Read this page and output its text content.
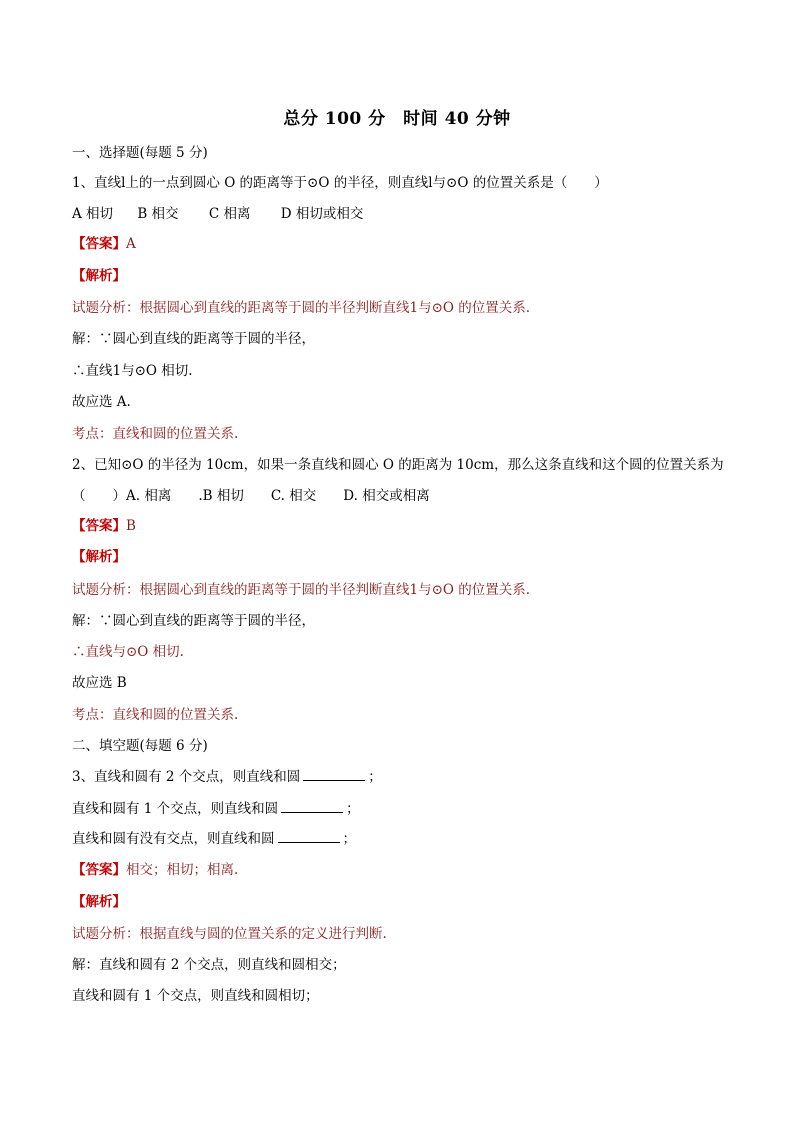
总分 100 分　时间 40 分钟
一、选择题(每题 5 分)
1、直线l上的一点到圆心 O 的距离等于⊙O 的半径，则直线l与⊙O 的位置关系是（　　）
A 相切 B 相交 C 相离 D 相切或相交
【答案】A
【解析】
试题分析：根据圆心到直线的距离等于圆的半径判断直线1与⊙O 的位置关系.
解：∵圆心到直线的距离等于圆的半径，
∴直线1与⊙O 相切.
故应选 A.
考点：直线和圆的位置关系.
2、已知⊙O 的半径为 10cm，如果一条直线和圆心 O 的距离为 10cm，那么这条直线和这个圆的位置关系为
（　　）A. 相离　　.B 相切　　C. 相交　　D. 相交或相离
【答案】B
【解析】
试题分析：根据圆心到直线的距离等于圆的半径判断直线1与⊙O 的位置关系.
解：∵圆心到直线的距离等于圆的半径，
∴直线与⊙O 相切.
故应选 B
考点：直线和圆的位置关系.
二、填空题(每题 6 分)
3、直线和圆有 2 个交点，则直线和圆	；
直线和圆有 1 个交点，则直线和圆	；
直线和圆有没有交点，则直线和圆	；
【答案】相交；相切；相离.
【解析】
试题分析：根据直线与圆的位置关系的定义进行判断.
解：直线和圆有 2 个交点，则直线和圆相交；
直线和圆有 1 个交点，则直线和圆相切；
